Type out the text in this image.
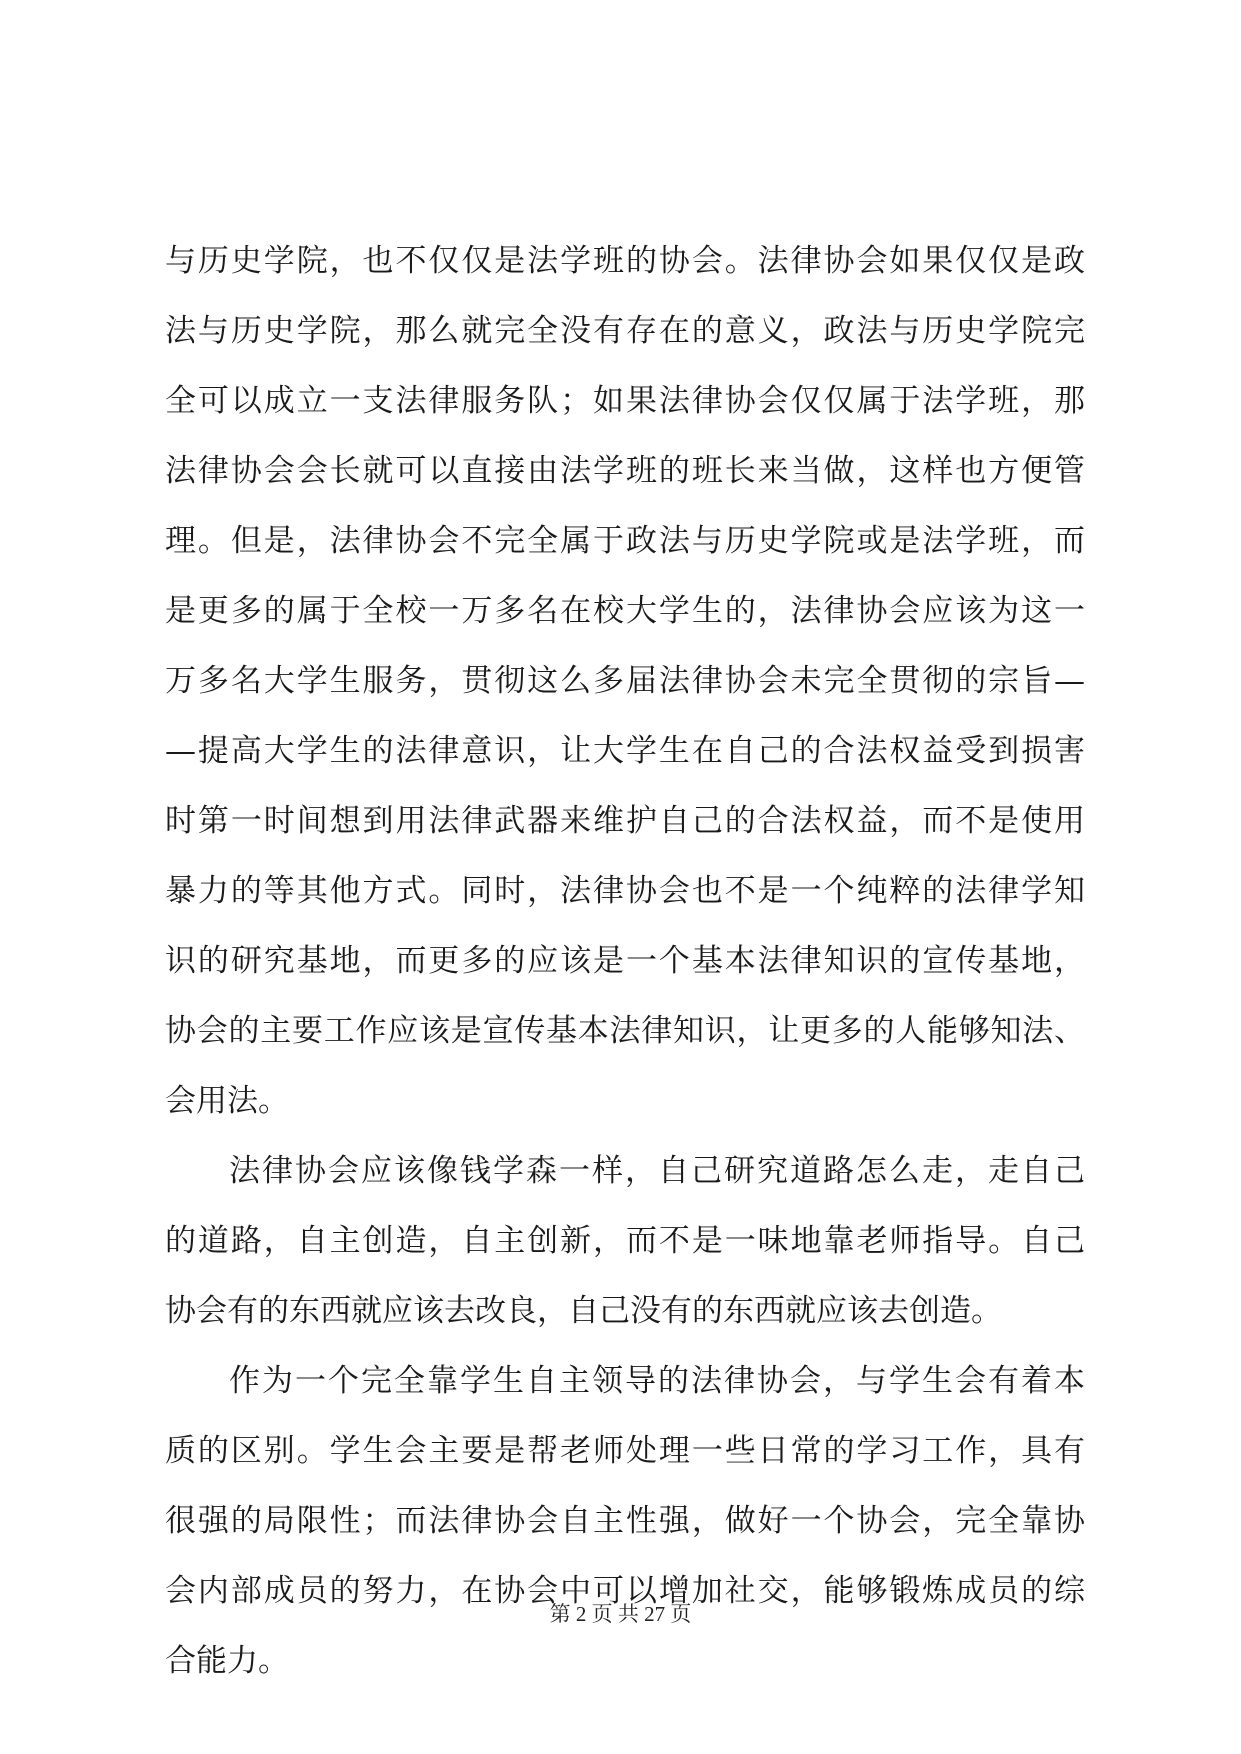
与历史学院，也不仅仅是法学班的协会。法律协会如果仅仅是政
法与历史学院，那么就完全没有存在的意义，政法与历史学院完
全可以成立一支法律服务队；如果法律协会仅仅属于法学班，那
法律协会会长就可以直接由法学班的班长来当做，这样也方便管
理。但是，法律协会不完全属于政法与历史学院或是法学班，而
是更多的属于全校一万多名在校大学生的，法律协会应该为这一
万多名大学生服务，贯彻这么多届法律协会未完全贯彻的宗旨—
—提高大学生的法律意识，让大学生在自己的合法权益受到损害
时第一时间想到用法律武器来维护自己的合法权益，而不是使用
暴力的等其他方式。同时，法律协会也不是一个纯粹的法律学知
识的研究基地，而更多的应该是一个基本法律知识的宣传基地，
协会的主要工作应该是宣传基本法律知识，让更多的人能够知法、
会用法。
法律协会应该像钱学森一样，自己研究道路怎么走，走自己
的道路，自主创造，自主创新，而不是一味地靠老师指导。自己
协会有的东西就应该去改良，自己没有的东西就应该去创造。
作为一个完全靠学生自主领导的法律协会，与学生会有着本
质的区别。学生会主要是帮老师处理一些日常的学习工作，具有
很强的局限性；而法律协会自主性强，做好一个协会，完全靠协
会内部成员的努力，在协会中可以增加社交，能够锻炼成员的综
合能力。
第 2 页 共 27 页
